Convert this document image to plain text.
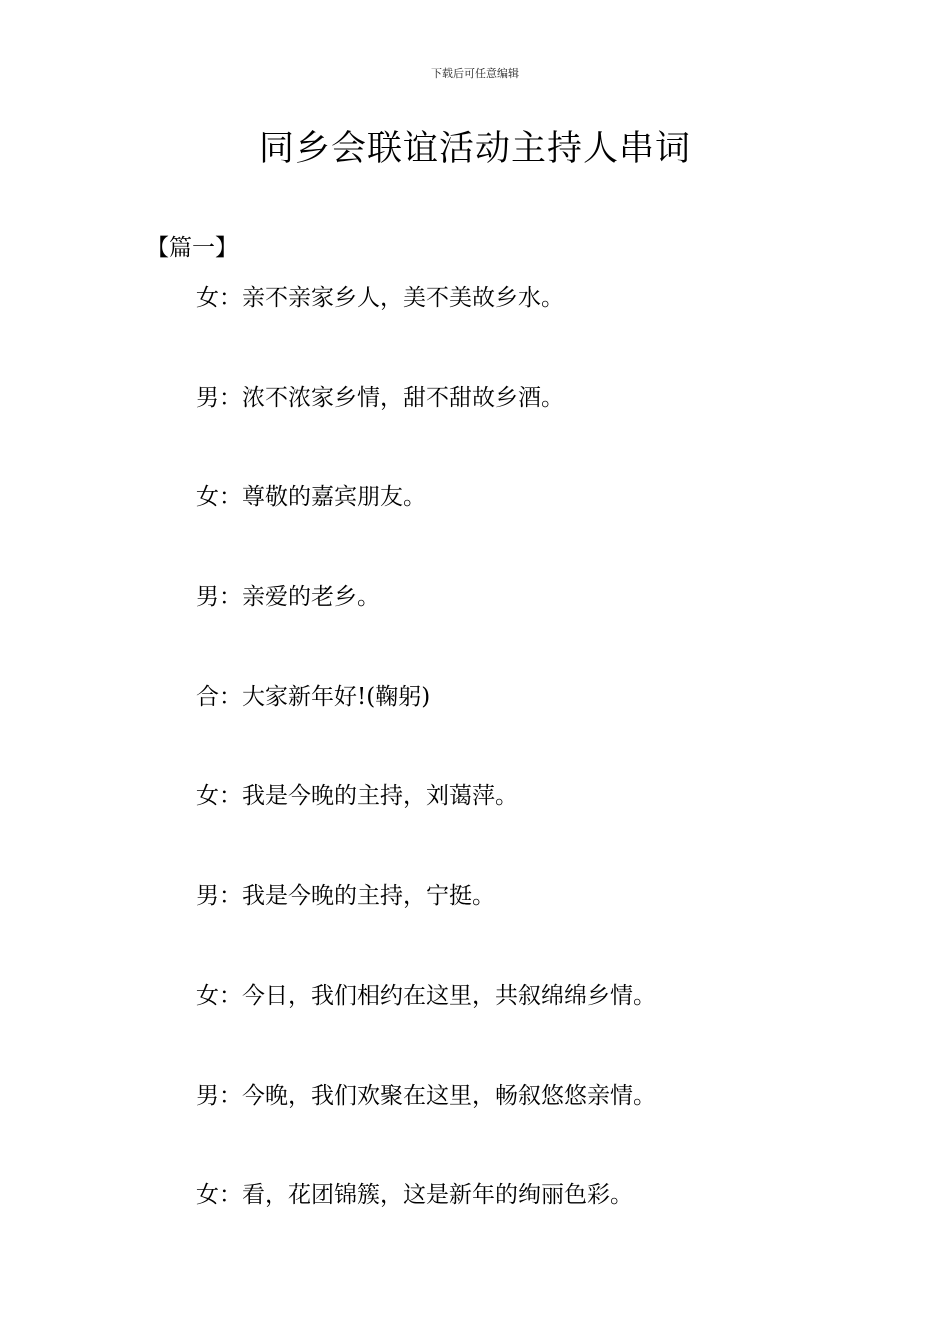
下载后可任意编辑
同乡会联谊活动主持人串词
【篇一】
女：亲不亲家乡人，美不美故乡水。
男：浓不浓家乡情，甜不甜故乡酒。
女：尊敬的嘉宾朋友。
男：亲爱的老乡。
合：大家新年好!(鞠躬)
女：我是今晚的主持，刘蔼萍。
男：我是今晚的主持，宁挺。
女：今日，我们相约在这里，共叙绵绵乡情。
男：今晚，我们欢聚在这里，畅叙悠悠亲情。
女：看，花团锦簇，这是新年的绚丽色彩。
